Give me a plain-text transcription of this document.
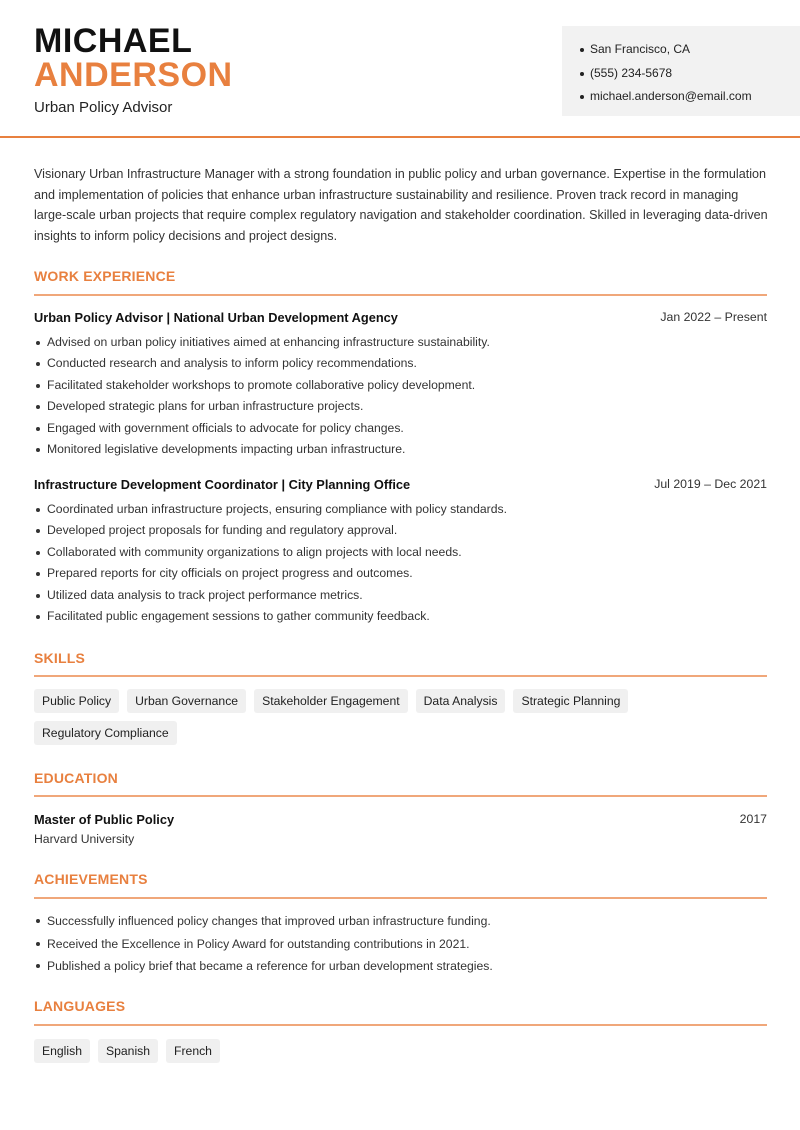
MICHAEL
ANDERSON
Urban Policy Advisor
San Francisco, CA
(555) 234-5678
michael.anderson@email.com
Visionary Urban Infrastructure Manager with a strong foundation in public policy and urban governance. Expertise in the formulation and implementation of policies that enhance urban infrastructure sustainability and resilience. Proven track record in managing large-scale urban projects that require complex regulatory navigation and stakeholder coordination. Skilled in leveraging data-driven insights to inform policy decisions and project designs.
WORK EXPERIENCE
Urban Policy Advisor | National Urban Development Agency	Jan 2022 – Present
Advised on urban policy initiatives aimed at enhancing infrastructure sustainability.
Conducted research and analysis to inform policy recommendations.
Facilitated stakeholder workshops to promote collaborative policy development.
Developed strategic plans for urban infrastructure projects.
Engaged with government officials to advocate for policy changes.
Monitored legislative developments impacting urban infrastructure.
Infrastructure Development Coordinator | City Planning Office	Jul 2019 – Dec 2021
Coordinated urban infrastructure projects, ensuring compliance with policy standards.
Developed project proposals for funding and regulatory approval.
Collaborated with community organizations to align projects with local needs.
Prepared reports for city officials on project progress and outcomes.
Utilized data analysis to track project performance metrics.
Facilitated public engagement sessions to gather community feedback.
SKILLS
Public Policy	Urban Governance	Stakeholder Engagement	Data Analysis	Strategic Planning
Regulatory Compliance
EDUCATION
Master of Public Policy	2017
Harvard University
ACHIEVEMENTS
Successfully influenced policy changes that improved urban infrastructure funding.
Received the Excellence in Policy Award for outstanding contributions in 2021.
Published a policy brief that became a reference for urban development strategies.
LANGUAGES
English	Spanish	French
